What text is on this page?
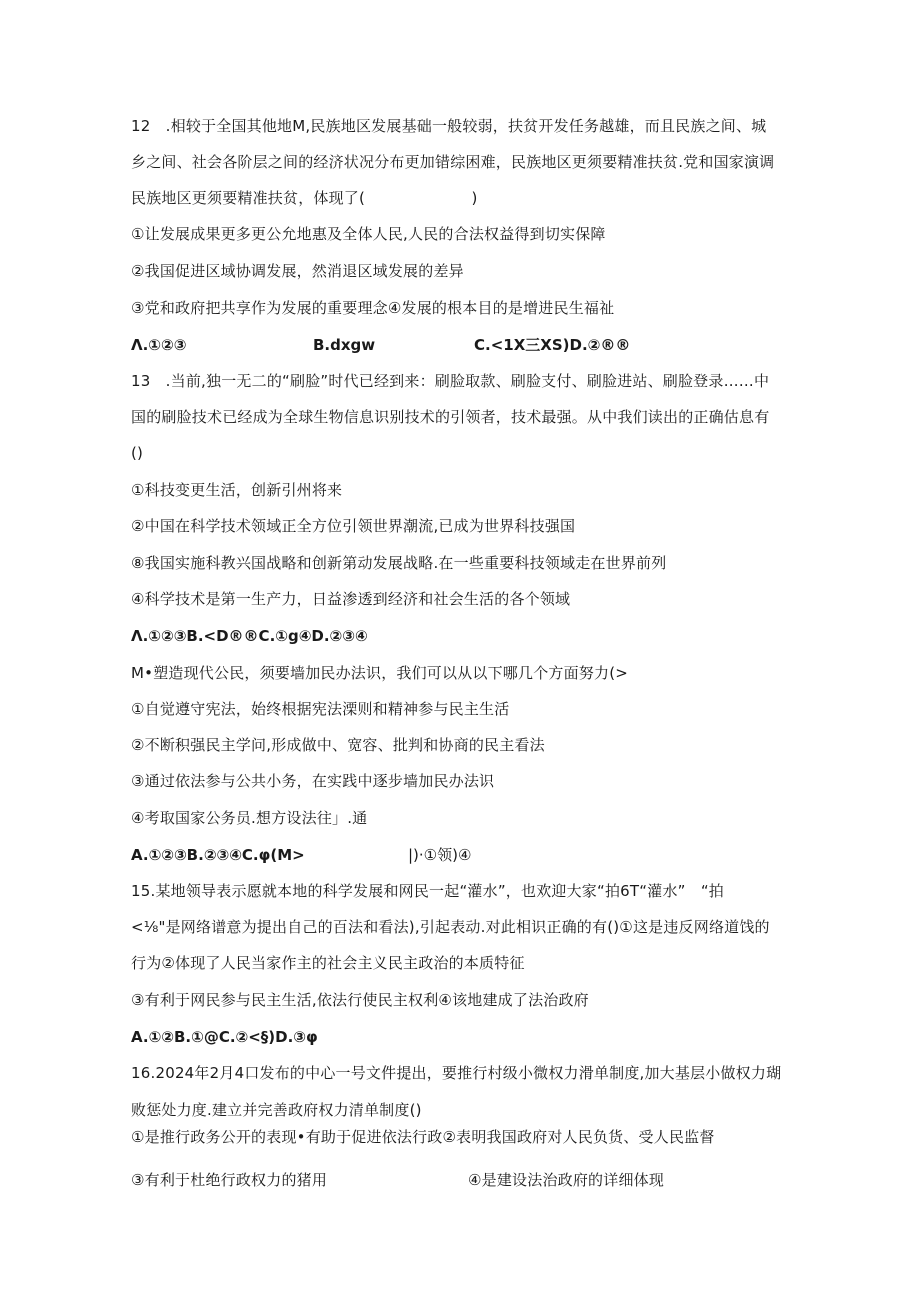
12　.相较于全国其他地M,民族地区发展基础一般较弱，扶贫开发任务越雄，而且民族之间、城
乡之间、社会各阶层之间的经济状况分布更加错综困难，民族地区更须要精准扶贫.党和国家演调
民族地区更须要精准扶贫，体现了(　　　　　　　)
①让发展成果更多更公允地惠及全体人民,人民的合法权益得到切实保障
②我国促进区域协调发展，然消退区域发展的差异
③党和政府把共享作为发展的重要理念④发展的根本目的是增进民生福祉
Λ.①②③	B.dxgw	C.<1X三XS)D.②®®
13　.当前,独一无二的“刷脸”时代已经到来：刷脸取款、刷脸支付、刷脸进站、刷脸登录……中
国的刷脸技术已经成为全球生物信息识别技术的引领者，技术最强。从中我们读出的正确估息有
()
①科技变更生活，创新引州将来
②中国在科学技术领域正全方位引领世界潮流,已成为世界科技强国
⑧我国实施科教兴国战略和创新第动发展战略.在一些重要科技领域走在世界前列
④科学技术是第一生产力，日益渗透到经济和社会生活的各个领域
Λ.①②③B.<D®®C.①g④D.②③④
M•塑造现代公民，须要墙加民办法识，我们可以从以下哪几个方面努力(>
①自觉遵守宪法，始终根据宪法溧则和精神参与民主生活
②不断积强民主学问,形成做中、宽容、批判和协商的民主看法
③通过依法参与公共小务，在实践中逐步墙加民办法识
④考取国家公务员.想方设法往」.通
A.①②③B.②③④C.φ(M>	|)·①领)④
15.某地领导表示愿就本地的科学发展和网民一起“灌水”，也欢迎大家“拍6T“灌水”　“拍
<⅛"是网络谱意为提出自己的百法和看法),引起表动.对此相识正确的有()①这是违反网络道饯的
行为②体现了人民当家作主的社会主义民主政治的本质特征
③有利于网民参与民主生活,依法行使民主权利④该地建成了法治政府
A.①②B.①@C.②<§)D.③φ
16.2024年2月4口发布的中心一号文件提出，要推行村级小微权力滑单制度,加大基层小做权力瑚
败惩处力度.建立并完善政府权力清单制度()
①是推行政务公开的表现•有助于促进依法行政②表明我国政府对人民负货、受人民监督
③有利于杜绝行政权力的猪用	④是建设法治政府的详细体现
